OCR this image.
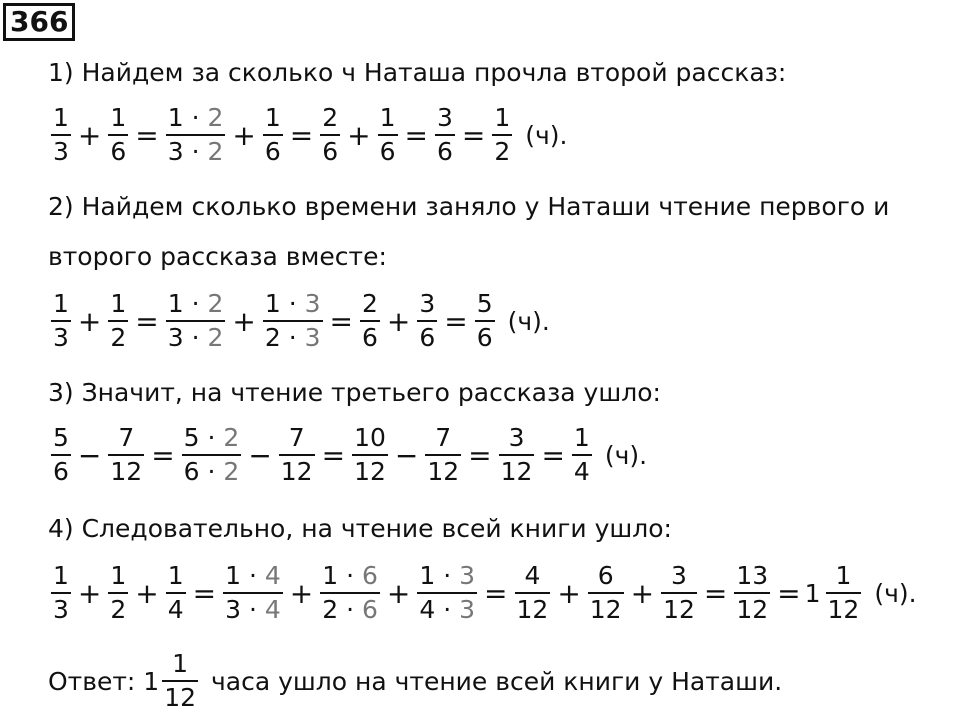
366
1) Найдем за сколько ч Наташа прочла второй рассказ:
$\frac{1}{3} + \frac{1}{6} = \frac{1 \cdot 2}{3 \cdot 2} + \frac{1}{6} = \frac{2}{6} + \frac{1}{6} = \frac{3}{6} = \frac{1}{2} (ч)$.
2) Найдем сколько времени заняло у Наташи чтение первого и
второго рассказа вместе:
$\frac{1}{3} + \frac{1}{2} = \frac{1 \cdot 2}{3 \cdot 2} + \frac{1 \cdot 3}{2 \cdot 3} = \frac{2}{6} + \frac{3}{6} = \frac{5}{6} (ч)$.
3) Значит, на чтение третьего рассказа ушло:
$\frac{5}{6} - \frac{7}{12} = \frac{5 \cdot 2}{6 \cdot 2} - \frac{7}{12} = \frac{10}{12} - \frac{7}{12} = \frac{3}{12} = \frac{1}{4} (ч)$.
4) Следовательно, на чтение всей книги ушло:
$\frac{1}{3} + \frac{1}{2} + \frac{1}{4} = \frac{1 \cdot 4}{3 \cdot 4} + \frac{1 \cdot 6}{2 \cdot 6} + \frac{1 \cdot 3}{4 \cdot 3} = \frac{4}{12} + \frac{6}{12} + \frac{3}{12} = \frac{13}{12} = 1 \frac{1}{12} (ч)$.
Ответ: $1 \frac{1}{12}$ часа ушло на чтение всей книги у Наташи.
